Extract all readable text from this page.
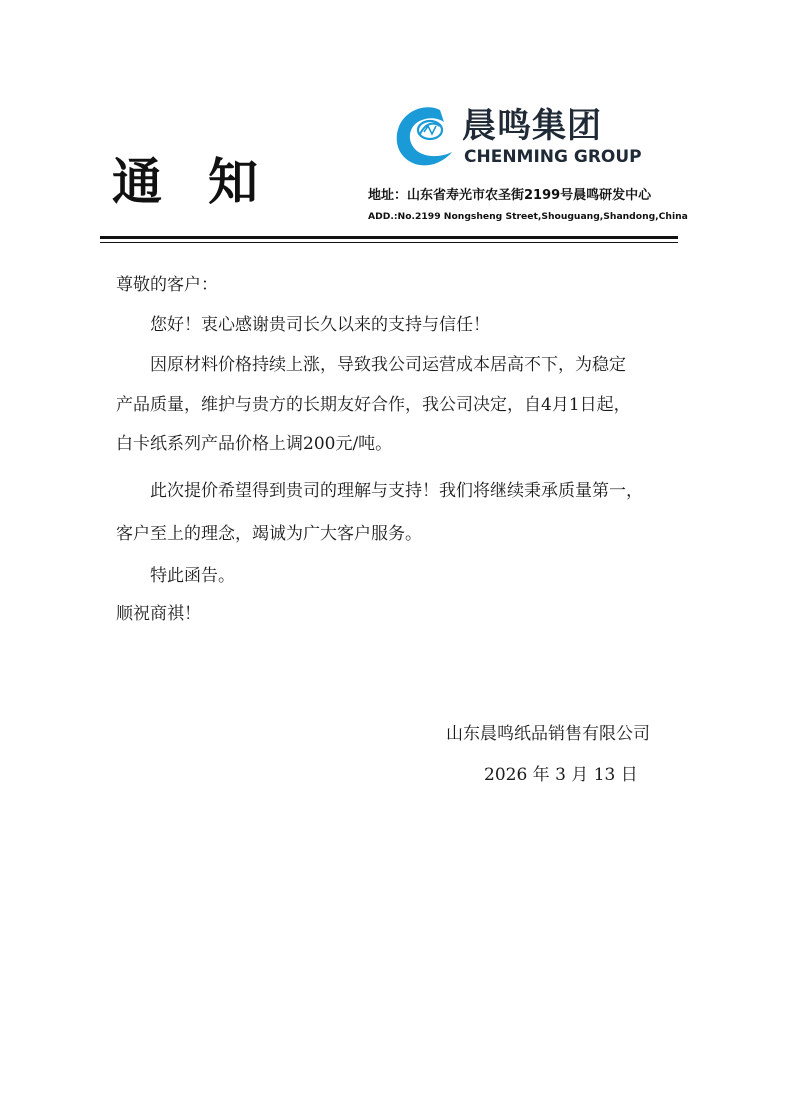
通知
晨鸣集团
CHENMING GROUP
地址：山东省寿光市农圣街2199号晨鸣研发中心
ADD.:No.2199 Nongsheng Street,Shouguang,Shandong,China
尊敬的客户：
您好！衷心感谢贵司长久以来的支持与信任！
因原材料价格持续上涨，导致我公司运营成本居高不下，为稳定
产品质量，维护与贵方的长期友好合作，我公司决定，自4月1日起，
白卡纸系列产品价格上调200元/吨。
此次提价希望得到贵司的理解与支持！我们将继续秉承质量第一，
客户至上的理念，竭诚为广大客户服务。
特此函告。
顺祝商祺！
山东晨鸣纸品销售有限公司
2026 年 3 月 13 日
